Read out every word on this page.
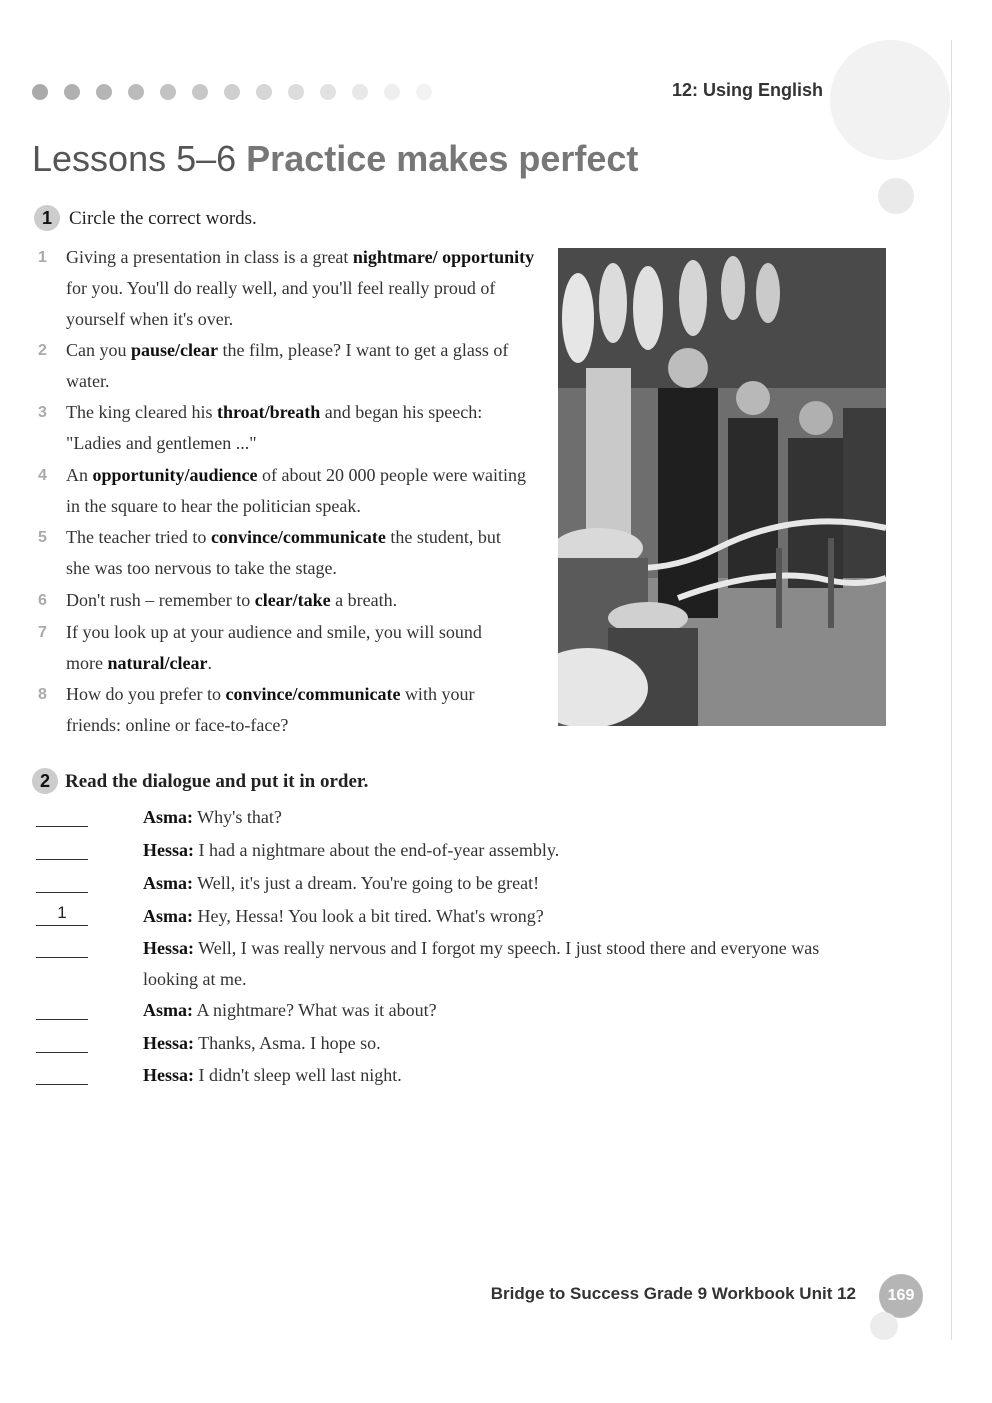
12: Using English
Lessons 5–6 Practice makes perfect
1 Circle the correct words.
1	Giving a presentation in class is a great nightmare/ opportunity for you. You'll do really well, and you'll feel really proud of yourself when it's over.
2	Can you pause/clear the film, please? I want to get a glass of water.
3	The king cleared his throat/breath and began his speech: "Ladies and gentlemen ..."
4	An opportunity/audience of about 20 000 people were waiting in the square to hear the politician speak.
5	The teacher tried to convince/communicate the student, but she was too nervous to take the stage.
6	Don't rush – remember to clear/take a breath.
7	If you look up at your audience and smile, you will sound more natural/clear.
8	How do you prefer to convince/communicate with your friends: online or face-to-face?
2 Read the dialogue and put it in order.
Asma: Why's that?
Hessa: I had a nightmare about the end-of-year assembly.
Asma: Well, it's just a dream. You're going to be great!
1	Asma: Hey, Hessa! You look a bit tired. What's wrong?
Hessa: Well, I was really nervous and I forgot my speech. I just stood there and everyone was looking at me.
Asma: A nightmare? What was it about?
Hessa: Thanks, Asma. I hope so.
Hessa: I didn't sleep well last night.
Bridge to Success Grade 9 Workbook Unit 12	169
